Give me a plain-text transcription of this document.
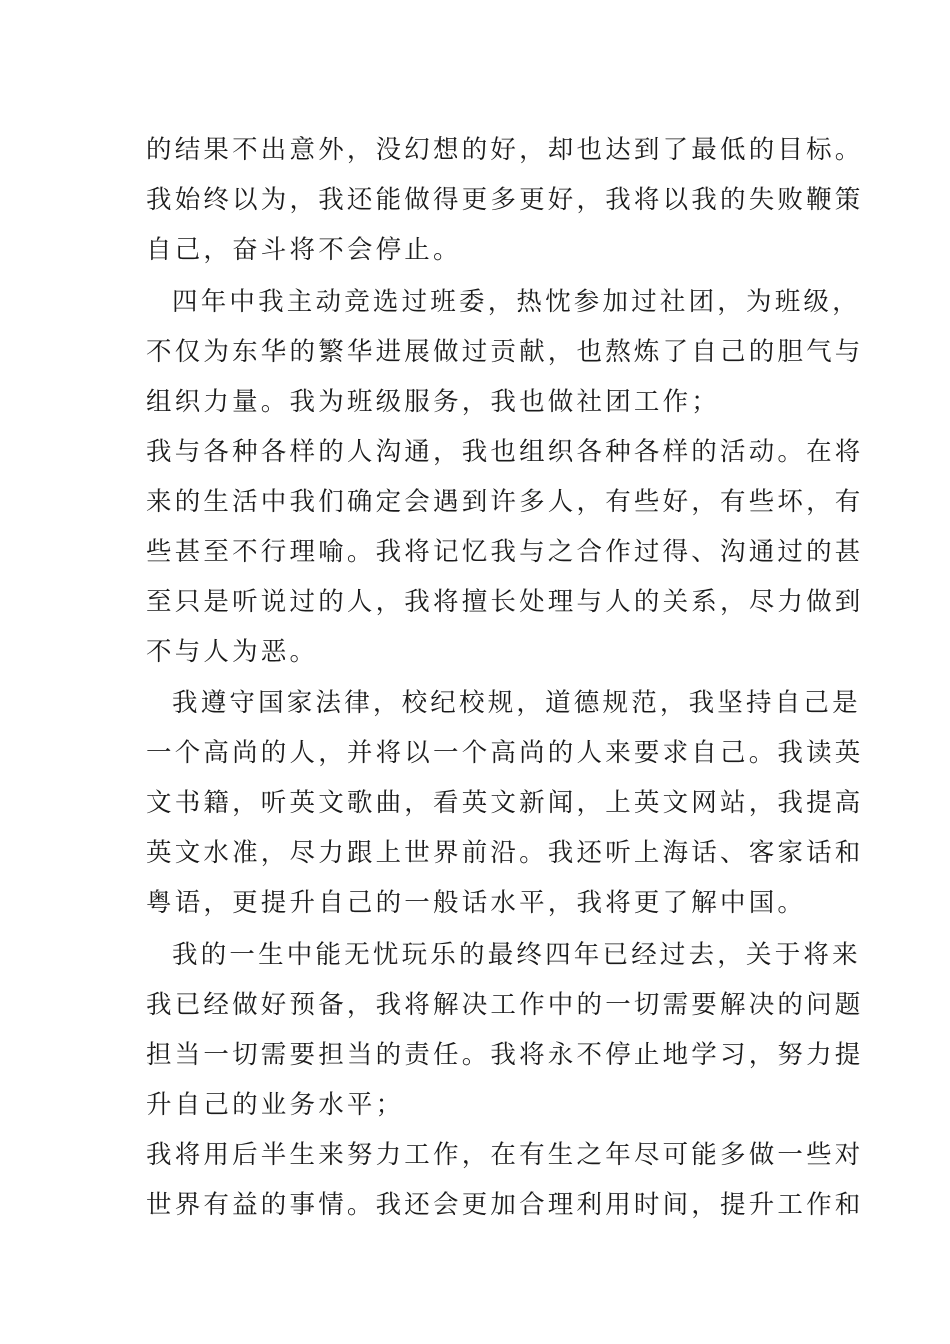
的结果不出意外，没幻想的好，却也达到了最低的目标。
我始终以为，我还能做得更多更好，我将以我的失败鞭策
自己，奋斗将不会停止。
四年中我主动竞选过班委，热忱参加过社团，为班级，
不仅为东华的繁华进展做过贡献，也熬炼了自己的胆气与
组织力量。我为班级服务，我也做社团工作；
我与各种各样的人沟通，我也组织各种各样的活动。在将
来的生活中我们确定会遇到许多人，有些好，有些坏，有
些甚至不行理喻。我将记忆我与之合作过得、沟通过的甚
至只是听说过的人，我将擅长处理与人的关系，尽力做到
不与人为恶。
我遵守国家法律，校纪校规，道德规范，我坚持自己是
一个高尚的人，并将以一个高尚的人来要求自己。我读英
文书籍，听英文歌曲，看英文新闻，上英文网站，我提高
英文水准，尽力跟上世界前沿。我还听上海话、客家话和
粤语，更提升自己的一般话水平，我将更了解中国。
我的一生中能无忧玩乐的最终四年已经过去，关于将来
我已经做好预备，我将解决工作中的一切需要解决的问题
担当一切需要担当的责任。我将永不停止地学习，努力提
升自己的业务水平；
我将用后半生来努力工作，在有生之年尽可能多做一些对
世界有益的事情。我还会更加合理利用时间，提升工作和
